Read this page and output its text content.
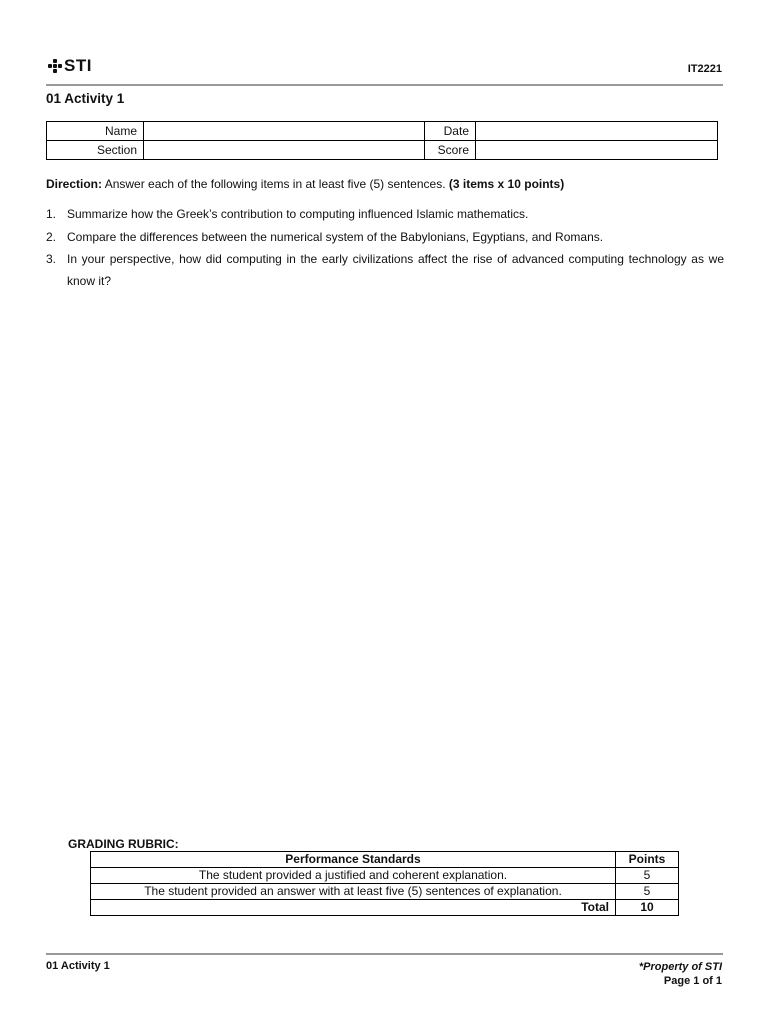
STI	IT2221
01 Activity 1
Name		Date	
Section		Score	
Direction: Answer each of the following items in at least five (5) sentences. (3 items x 10 points)
1. Summarize how the Greek’s contribution to computing influenced Islamic mathematics.
2. Compare the differences between the numerical system of the Babylonians, Egyptians, and Romans.
3. In your perspective, how did computing in the early civilizations affect the rise of advanced computing technology as we know it?
GRADING RUBRIC:
Performance Standards	Points
The student provided a justified and coherent explanation.	5
The student provided an answer with at least five (5) sentences of explanation.	5
Total	10
01 Activity 1	*Property of STI
Page 1 of 1
